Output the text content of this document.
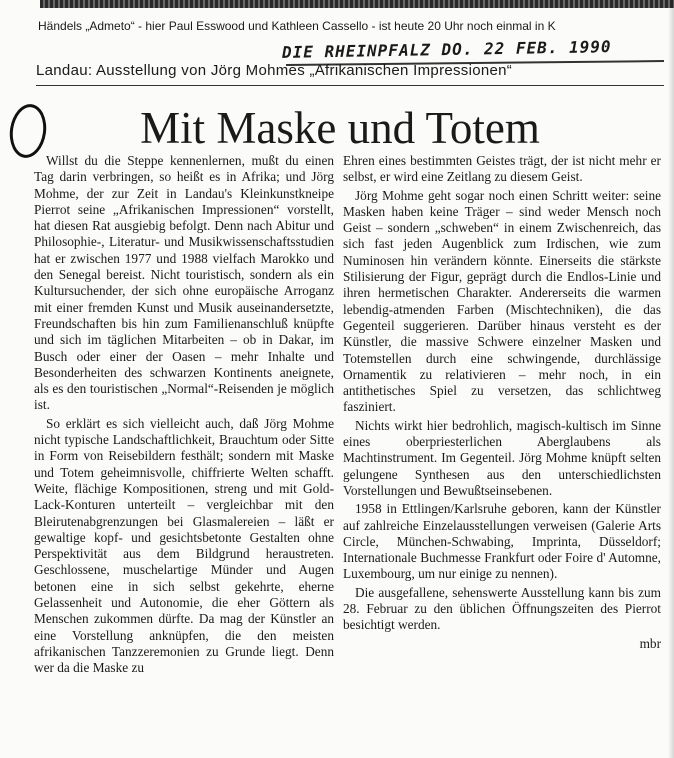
Händels „Admeto“ - hier Paul Esswood und Kathleen Cassello - ist heute 20 Uhr noch einmal in K
DIE RHEINPFALZ DO. 22 FEB. 1990
Landau: Ausstellung von Jörg Mohmes „Afrikanischen Impressionen“
Mit Maske und Totem

Willst du die Steppe kennenlernen, mußt du einen Tag darin verbringen, so heißt es in Afrika; und Jörg Mohme, der zur Zeit in Landau's Kleinkunstkneipe Pierrot seine „Afrikanischen Impressionen“ vorstellt, hat diesen Rat ausgiebig befolgt. Denn nach Abitur und Philosophie-, Literatur- und Musikwissenschaftsstudien hat er zwischen 1977 und 1988 vielfach Marokko und den Senegal bereist. Nicht touristisch, sondern als ein Kultursuchender, der sich ohne europäische Arroganz mit einer fremden Kunst und Musik auseinandersetzte, Freundschaften bis hin zum Familienanschluß knüpfte und sich im täglichen Mitarbeiten – ob in Dakar, im Busch oder einer der Oasen – mehr Inhalte und Besonderheiten des schwarzen Kontinents aneignete, als es den touristischen „Normal“-Reisenden je möglich ist.

So erklärt es sich vielleicht auch, daß Jörg Mohme nicht typische Landschaftlichkeit, Brauchtum oder Sitte in Form von Reisebildern festhält; sondern mit Maske und Totem geheimnisvolle, chiffrierte Welten schafft. Weite, flächige Kompositionen, streng und mit Gold-Lack-Konturen unterteilt – vergleichbar mit den Bleirutenabgrenzungen bei Glasmalereien – läßt er gewaltige kopf- und gesichtsbetonte Gestalten ohne Perspektivität aus dem Bildgrund heraustreten. Geschlossene, muschelartige Münder und Augen betonen eine in sich selbst gekehrte, eherne Gelassenheit und Autonomie, die eher Göttern als Menschen zukommen dürfte. Da mag der Künstler an eine Vorstellung anknüpfen, die den meisten afrikanischen Tanzzeremonien zu Grunde liegt. Denn wer da die Maske zu

Ehren eines bestimmten Geistes trägt, der ist nicht mehr er selbst, er wird eine Zeitlang zu diesem Geist.

Jörg Mohme geht sogar noch einen Schritt weiter: seine Masken haben keine Träger – sind weder Mensch noch Geist – sondern „schweben“ in einem Zwischenreich, das sich fast jeden Augenblick zum Irdischen, wie zum Numinosen hin verändern könnte. Einerseits die stärkste Stilisierung der Figur, geprägt durch die Endlos-Linie und ihren hermetischen Charakter. Andererseits die warmen lebendig-atmenden Farben (Mischtechniken), die das Gegenteil suggerieren. Darüber hinaus versteht es der Künstler, die massive Schwere einzelner Masken und Totemstellen durch eine schwingende, durchlässige Ornamentik zu relativieren – mehr noch, in ein antithetisches Spiel zu versetzen, das schlichtweg fasziniert.

Nichts wirkt hier bedrohlich, magisch-kultisch im Sinne eines oberpriesterlichen Aberglaubens als Machtinstrument. Im Gegenteil. Jörg Mohme knüpft selten gelungene Synthesen aus den unterschiedlichsten Vorstellungen und Bewußtseinsebenen.

1958 in Ettlingen/Karlsruhe geboren, kann der Künstler auf zahlreiche Einzelausstellungen verweisen (Galerie Arts Circle, München-Schwabing, Imprinta, Düsseldorf; Internationale Buchmesse Frankfurt oder Foire d' Automne, Luxembourg, um nur einige zu nennen).

Die ausgefallene, sehenswerte Ausstellung kann bis zum 28. Februar zu den üblichen Öffnungszeiten des Pierrot besichtigt werden.

mbr
